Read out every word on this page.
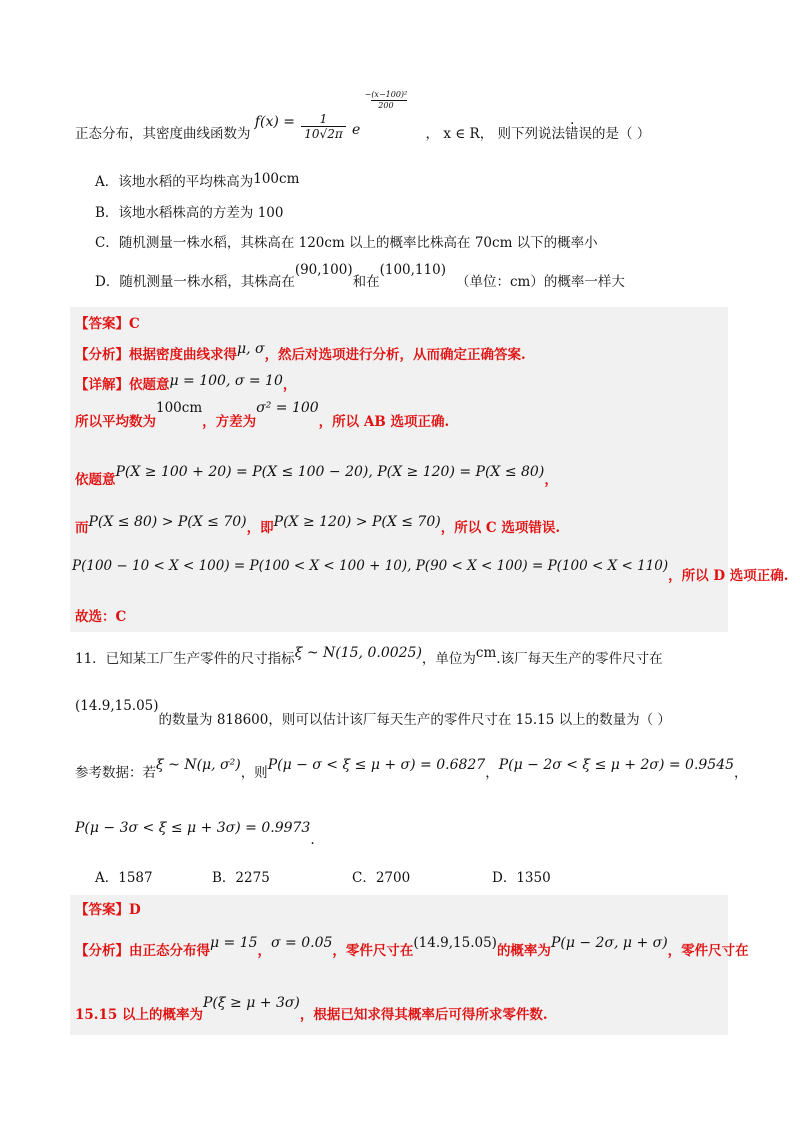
正态分布，其密度曲线函数为 $f(x) = \frac{1}{10√2\pi}$ e −(x−100)²
200
， x ∈ R， 则下列说法错误的是（ ）
A．该地水稻的平均株高为100cm
B．该地水稻株高的方差为 100
C．随机测量一株水稻，其株高在 120cm 以上的概率比株高在 70cm 以下的概率小
D．随机测量一株水稻，其株高在(90,100)和在(100,110)（单位：cm）的概率一样大
【答案】C
【分析】根据密度曲线求得μ, σ，然后对选项进行分析，从而确定正确答案.
【详解】依题意μ = 100, σ = 10，
所以平均数为100cm，方差为σ² = 100，所以 AB 选项正确.
依题意P(X ≥ 100 + 20) = P(X ≤ 100 − 20), P(X ≥ 120) = P(X ≤ 80)，
而P(X ≤ 80) > P(X ≤ 70)，即P(X ≥ 120) > P(X ≤ 70)，所以 C 选项错误.
P(100 − 10 < X < 100) = P(100 < X < 100 + 10), P(90 < X < 100) = P(100 < X < 110)，所以 D 选项正确.
故选：C
11．已知某工厂生产零件的尺寸指标ξ ~ N(15, 0.0025)，单位为cm.该厂每天生产的零件尺寸在
(14.9,15.05)的数量为 818600，则可以估计该厂每天生产的零件尺寸在 15.15 以上的数量为（ ）
参考数据：若ξ ~ N(μ, σ²)，则P(μ − σ < ξ ≤ μ + σ) = 0.6827，P(μ − 2σ < ξ ≤ μ + 2σ) = 0.9545，
P(μ − 3σ < ξ ≤ μ + 3σ) = 0.9973.
A．1587	B．2275	C．2700	D．1350
【答案】D
【分析】由正态分布得μ = 15，σ = 0.05，零件尺寸在(14.9,15.05)的概率为P(μ − 2σ, μ + σ)，零件尺寸在
15.15 以上的概率为P(ξ ≥ μ + 3σ)，根据已知求得其概率后可得所求零件数.
